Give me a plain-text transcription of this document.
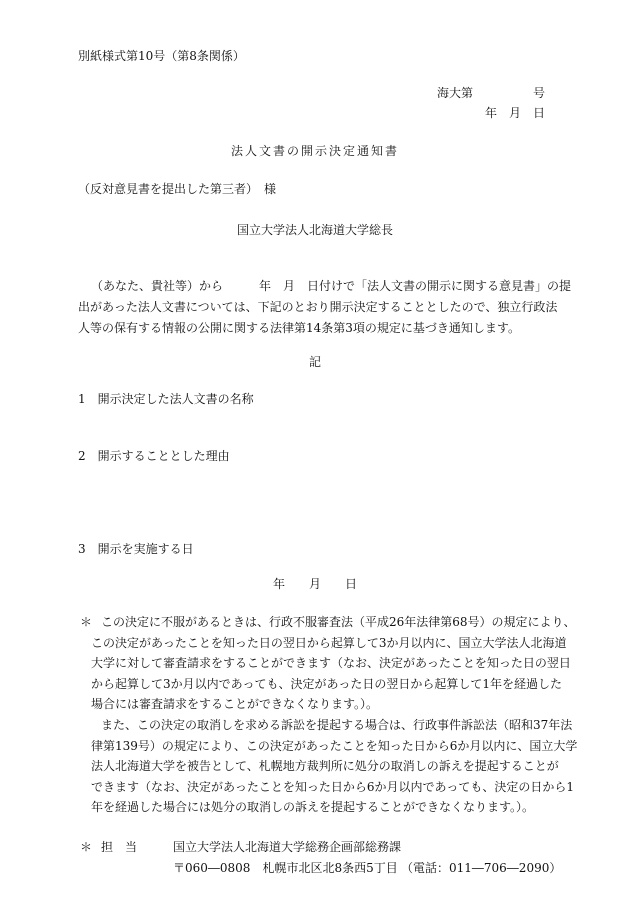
別紙様式第10号（第8条関係）
海大第　　　　　号
年　月　日
法人文書の開示決定通知書
（反対意見書を提出した第三者）　様
国立大学法人北海道大学総長
（あなた、貴社等）から　　　年　月　日付けで「法人文書の開示に関する意見書」の提
出があった法人文書については、下記のとおり開示決定することとしたので、独立行政法
人等の保有する情報の公開に関する法律第14条第3項の規定に基づき通知します。
記
1　開示決定した法人文書の名称
2　開示することとした理由
3　開示を実施する日
年　　月　　日
＊ この決定に不服があるときは、行政不服審査法（平成26年法律第68号）の規定により、
この決定があったことを知った日の翌日から起算して3か月以内に、国立大学法人北海道
大学に対して審査請求をすることができます（なお、決定があったことを知った日の翌日
から起算して3か月以内であっても、決定があった日の翌日から起算して1年を経過した
場合には審査請求をすることができなくなります。）。
また、この決定の取消しを求める訴訟を提起する場合は、行政事件訴訟法（昭和37年法
律第139号）の規定により、この決定があったことを知った日から6か月以内に、国立大学
法人北海道大学を被告として、札幌地方裁判所に処分の取消しの訴えを提起することが
できます（なお、決定があったことを知った日から6か月以内であっても、決定の日から1
年を経過した場合には処分の取消しの訴えを提起することができなくなります。）。
＊ 担　当	国立大学法人北海道大学総務企画部総務課
〒060―0808　札幌市北区北8条西5丁目 （電話：011―706―2090）
